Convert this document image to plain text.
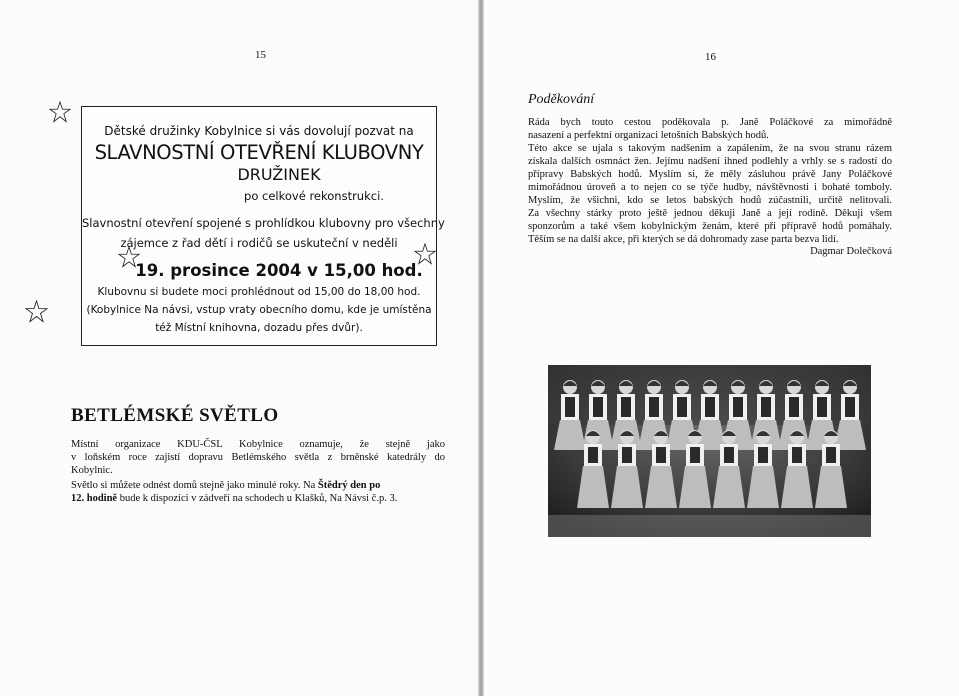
15
Dětské družinky Kobylnice si vás dovolují pozvat na
SLAVNOSTNÍ OTEVŘENÍ KLUBOVNY
DRUŽINEK
po celkové rekonstrukci.
Slavnostní otevření spojené s prohlídkou klubovny pro všechny
zájemce z řad dětí i rodičů se uskuteční v neděli
19. prosince 2004 v 15,00 hod.
Klubovnu si budete moci prohlédnout od 15,00 do 18,00 hod.
(Kobylnice Na návsi, vstup vraty obecního domu, kde je umístěna
též Místní knihovna, dozadu přes dvůr).
BETLÉMSKÉ SVĚTLO
Místní organizace KDU-ČSL Kobylnice oznamuje, že stejně jako
v loňském roce zajistí dopravu Betlémského světla z brněnské katedrály do
Kobylnic.
Světlo si můžete odnést domů stejně jako minulé roky. Na Štědrý den po
12. hodině bude k dispozici v zádveří na schodech u Klašků, Na Návsi č.p. 3.
16
Poděkování
Ráda bych touto cestou poděkovala p. Janě Poláčkové za mimořádně
nasazení a perfektní organizaci letošních Babských hodů.
Této akce se ujala s takovým nadšením a zapálením, že na svou stranu rázem
získala dalších osmnáct žen. Jejímu nadšení ihned podlehly a vrhly se s radostí do
přípravy Babských hodů. Myslím si, že měly zásluhou právě Jany Poláčkové
mimořádnou úroveň a to nejen co se týče hudby, návštěvnosti i bohaté tomboly.
Myslím, že všichni, kdo se letos babských hodů zúčastnili, určitě nelitovali.
Za všechny stárky proto ještě jednou děkuji Janě a její rodině. Děkuji všem
sponzorům a také všem kobylnickým ženám, které při přípravě hodů pomáhaly.
Těším se na další akce, při kterých se dá dohromady zase parta bezva lidí.
Dagmar Dolečková
